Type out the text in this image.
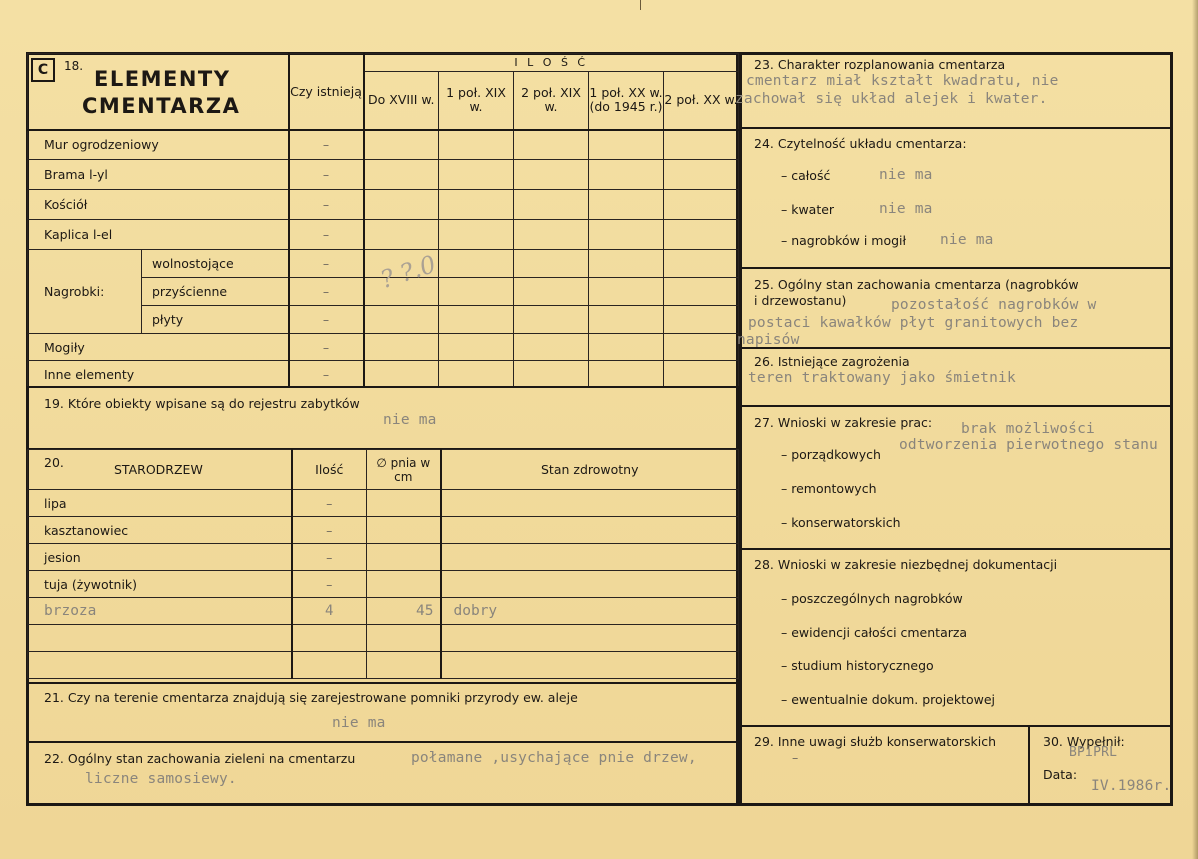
C 18.
ELEMENTY
CMENTARZA		Czy istnieją	I L O Ś Ć				
			Do XVIII w.	1 poł. XIX w.	2 poł. XIX w.	1 poł. XX w. (do 1945 r.)	2 poł. XX w.
Mur ogrodzeniowy		–					
Brama l-yl		–					
Kościół		–					
Kaplica l-el		–					
Nagrobki:	wolnostojące	–					
	przyścienne	–					
	płyty	–					
Mogiły		–					
Inne elementy		–					
? ?.0
19. Które obiekty wpisane są do rejestru zabytków
nie ma
20. STARODRZEW	Ilość	∅ pnia w cm	Stan zdrowotny
lipa	–		
kasztanowiec	–		
jesion	–		
tuja (żywotnik)	–		
brzoza	4	45	dobry

21. Czy na terenie cmentarza znajdują się zarejestrowane pomniki przyrody ew. aleje
nie ma
22. Ogólny stan zachowania zieleni na cmentarzu	połamane ,usychające pnie drzew,
liczne samosiewy.
23. Charakter rozplanowania cmentarza
cmentarz miał kształt kwadratu, nie
zachował się układ alejek i kwater.
24. Czytelność układu cmentarza:
– całość	nie ma
– kwater	nie ma
– nagrobków i mogił nie ma
25. Ogólny stan zachowania cmentarza (nagrobków
i drzewostanu)	pozostałość nagrobków w
postaci kawałków płyt granitowych bez
napisów
26. Istniejące zagrożenia
teren traktowany jako śmietnik
27. Wnioski w zakresie prac: brak możliwości
odtworzenia pierwotnego stanu
– porządkowych
– remontowych
– konserwatorskich
28. Wnioski w zakresie niezbędnej dokumentacji
– poszczególnych nagrobków
– ewidencji całości cmentarza
– studium historycznego
– ewentualnie dokum. projektowej
29. Inne uwagi służb konserwatorskich
–
30. Wypełnił:
BPiPRL
Data:
IV.1986r.
